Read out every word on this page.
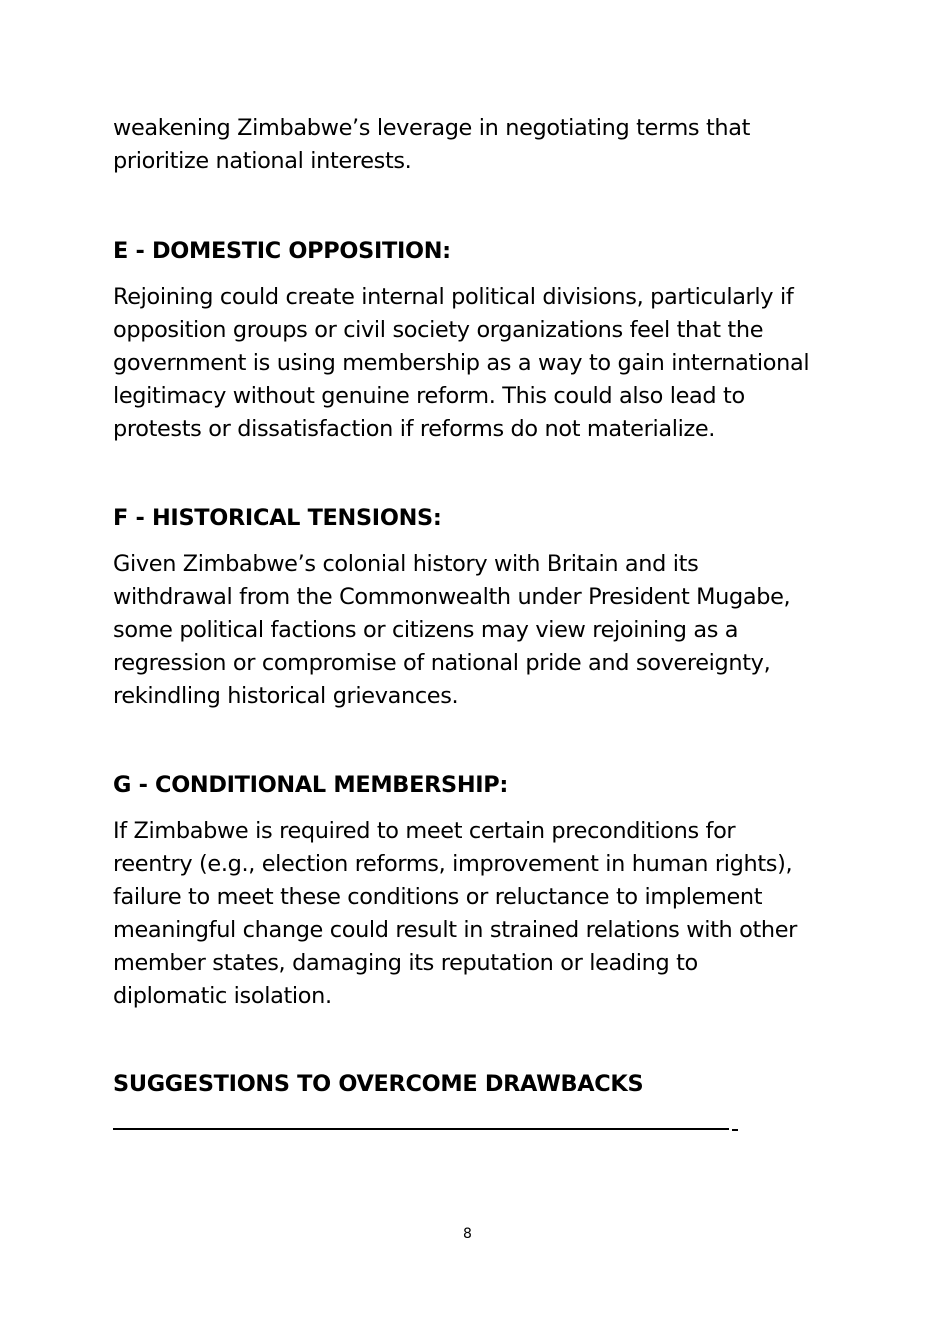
weakening Zimbabwe’s leverage in negotiating terms that
prioritize national interests.

E - DOMESTIC OPPOSITION:

Rejoining could create internal political divisions, particularly if
opposition groups or civil society organizations feel that the
government is using membership as a way to gain international
legitimacy without genuine reform. This could also lead to
protests or dissatisfaction if reforms do not materialize.

F - HISTORICAL TENSIONS:

Given Zimbabwe’s colonial history with Britain and its
withdrawal from the Commonwealth under President Mugabe,
some political factions or citizens may view rejoining as a
regression or compromise of national pride and sovereignty,
rekindling historical grievances.

G - CONDITIONAL MEMBERSHIP:

If Zimbabwe is required to meet certain preconditions for
reentry (e.g., election reforms, improvement in human rights),
failure to meet these conditions or reluctance to implement
meaningful change could result in strained relations with other
member states, damaging its reputation or leading to
diplomatic isolation.

SUGGESTIONS TO OVERCOME DRAWBACKS
8
